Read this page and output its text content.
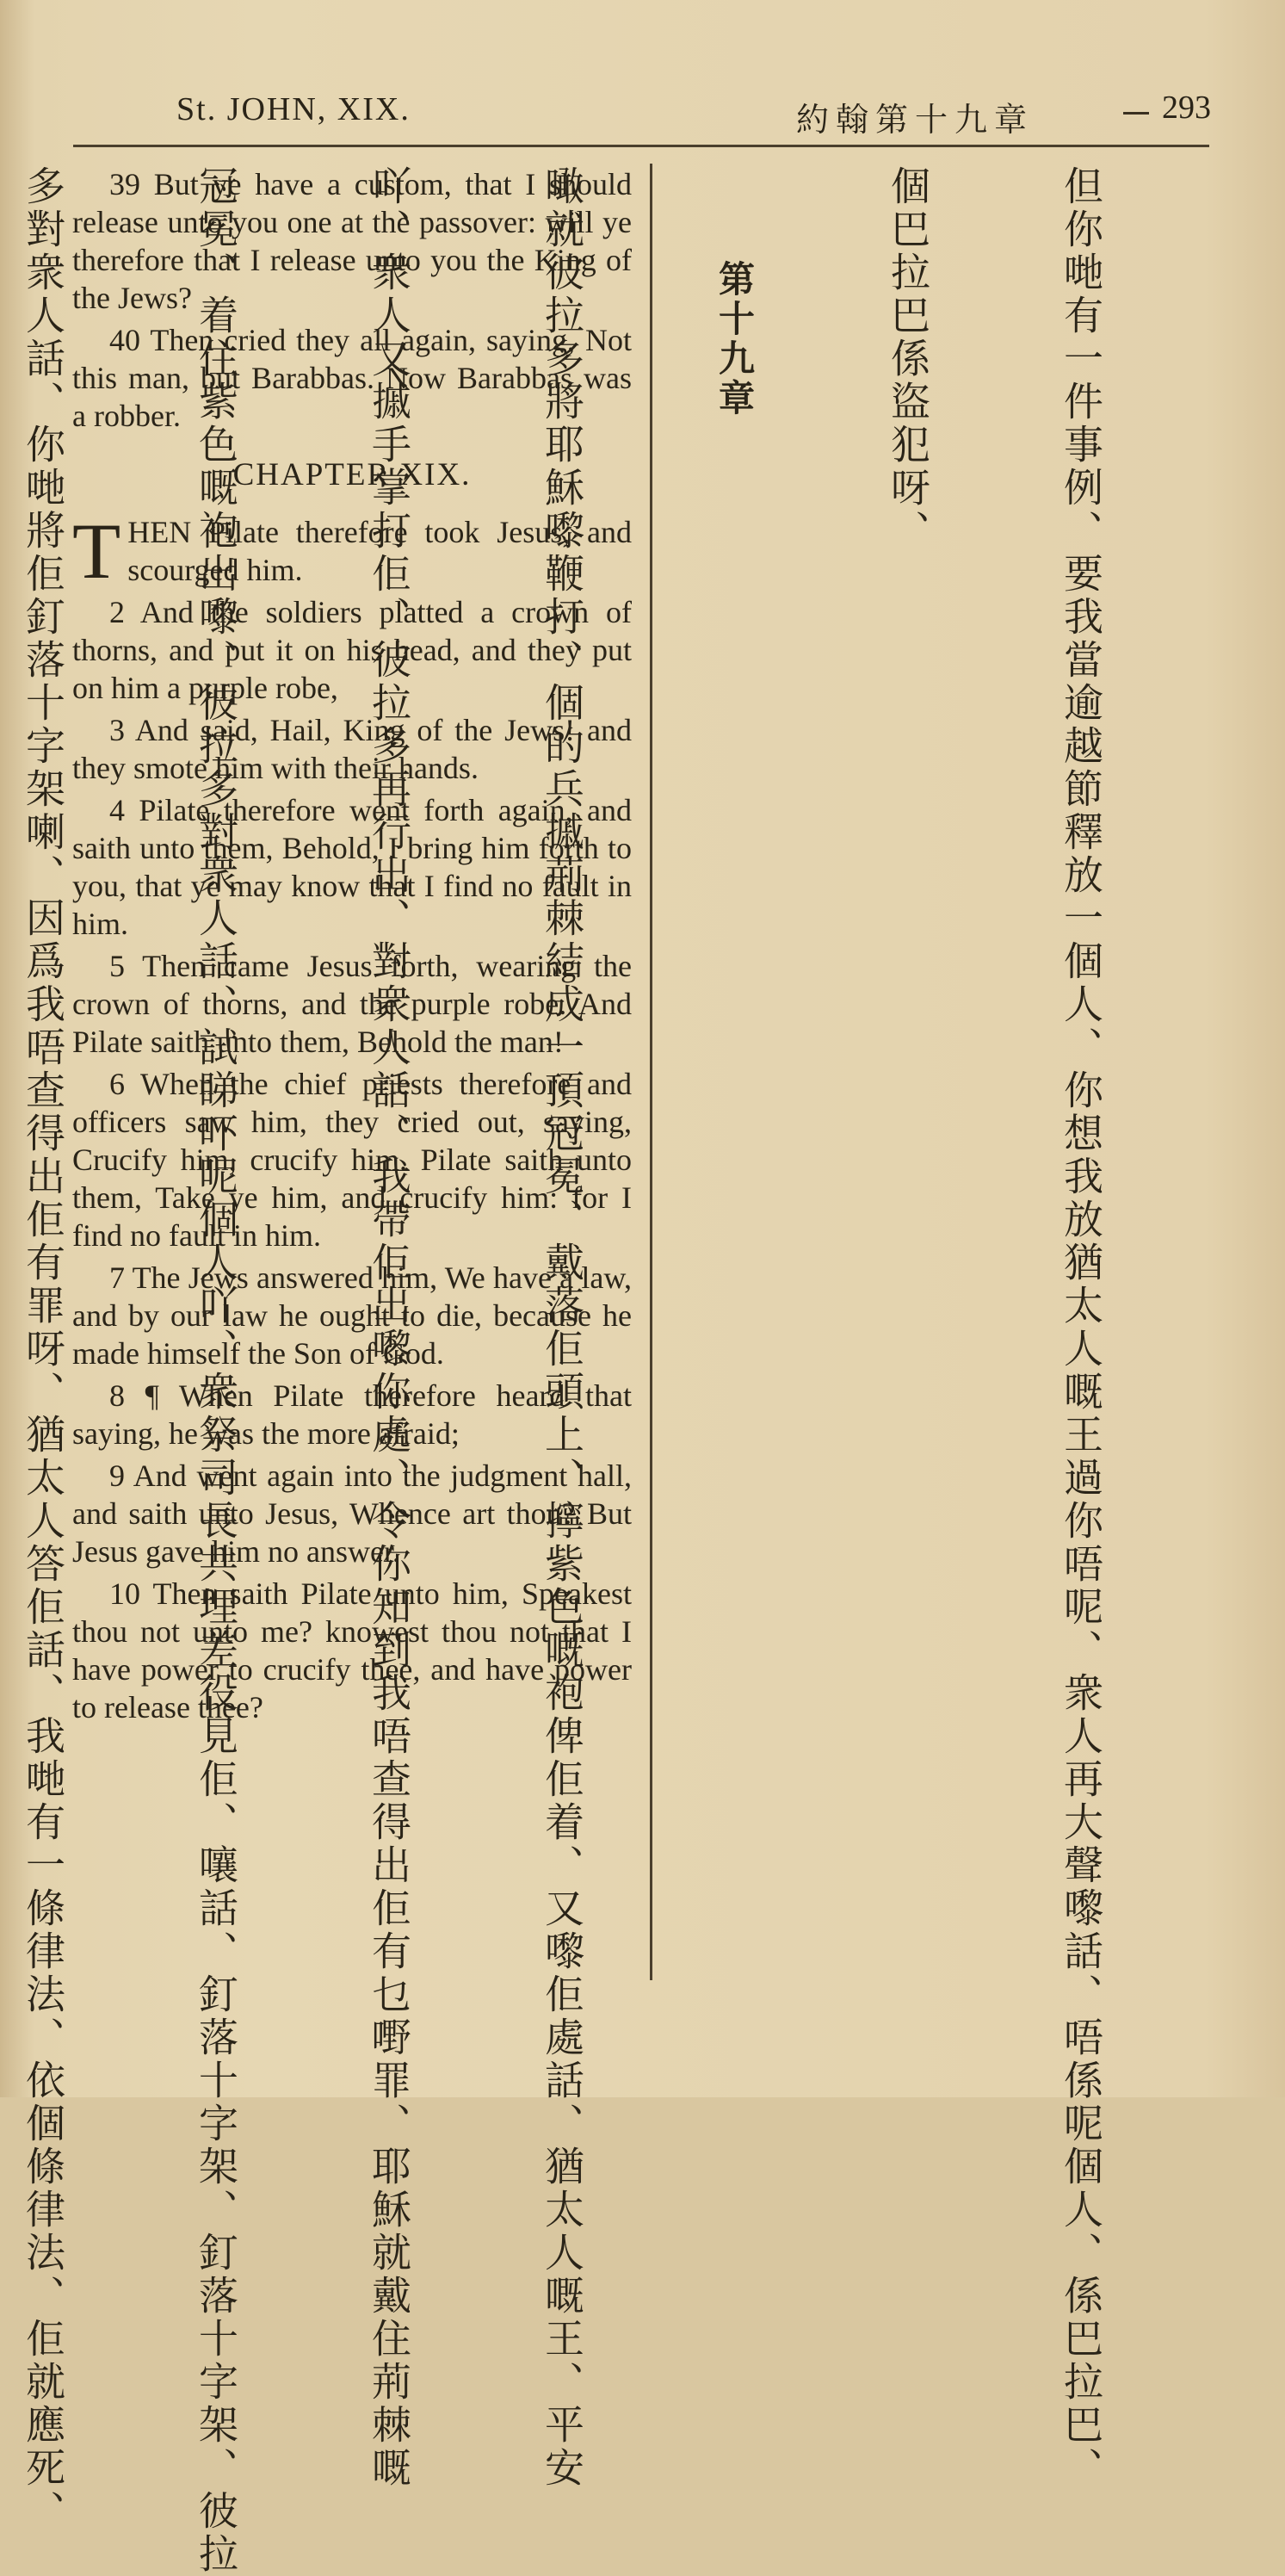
St. JOHN, XIX.	約翰第十九章	293

39 But ye have a custom, that I should release unto you one at the passover: will ye therefore that I release unto you the King of the Jews?

40 Then cried they all again, saying, Not this man, but Barabbas. Now Barabbas was a robber.

CHAPTER XIX.

THEN Pilate therefore took Jesus, and scourged him.

2 And the soldiers platted a crown of thorns, and put it on his head, and they put on him a purple robe,

3 And said, Hail, King of the Jews! and they smote him with their hands.

4 Pilate therefore went forth again, and saith unto them, Behold, I bring him forth to you, that ye may know that I find no fault in him.

5 Then came Jesus forth, wearing the crown of thorns, and the purple robe. And Pilate saith unto them, Behold the man!

6 When the chief priests therefore and officers saw him, they cried out, saying, Crucify him, crucify him. Pilate saith unto them, Take ye him, and crucify him: for I find no fault in him.

7 The Jews answered him, We have a law, and by our law he ought to die, because he made himself the Son of God.

8 ¶ When Pilate therefore heard that saying, he was the more afraid;

9 And went again into the judgment hall, and saith unto Jesus, Whence art thou? But Jesus gave him no answer.

10 Then saith Pilate unto him, Speakest thou not unto me? knowest thou not that I have power to crucify thee, and have power to release thee?

	但你哋有一件事例、要我當逾越節釋放一個人、你想我放猶太人嘅王過你唔呢、衆人再大聲嚟話、唔係呢個人、係巴拉巴、

個巴拉巴係盜犯呀、

第十九章

噉就彼拉多將耶穌嚟鞭打、個的兵摵荊棘結成一頂冠冕、戴落佢頭上、擰紫色嘅袍俾佢着、又嚟佢處話、猶太人嘅王、平安

吖、衆人又摵手掌打佢、彼拉多再行出、對衆人話、我帶佢出嚟你處、令你知到我唔查得出佢有乜嘢罪、耶穌就戴住荊棘嘅

冠冕、着住紫色嘅袍出嚟、彼拉多對衆人話、試睇吓呢個人吖、衆祭司長共埋差役見佢、嚷話、釘落十字架、釘落十字架、彼拉

多對衆人話、你哋將佢釘落十字架喇、因爲我唔查得出佢有罪呀、猶太人答佢話、我哋有一條律法、依個條律法、佢就應死、
